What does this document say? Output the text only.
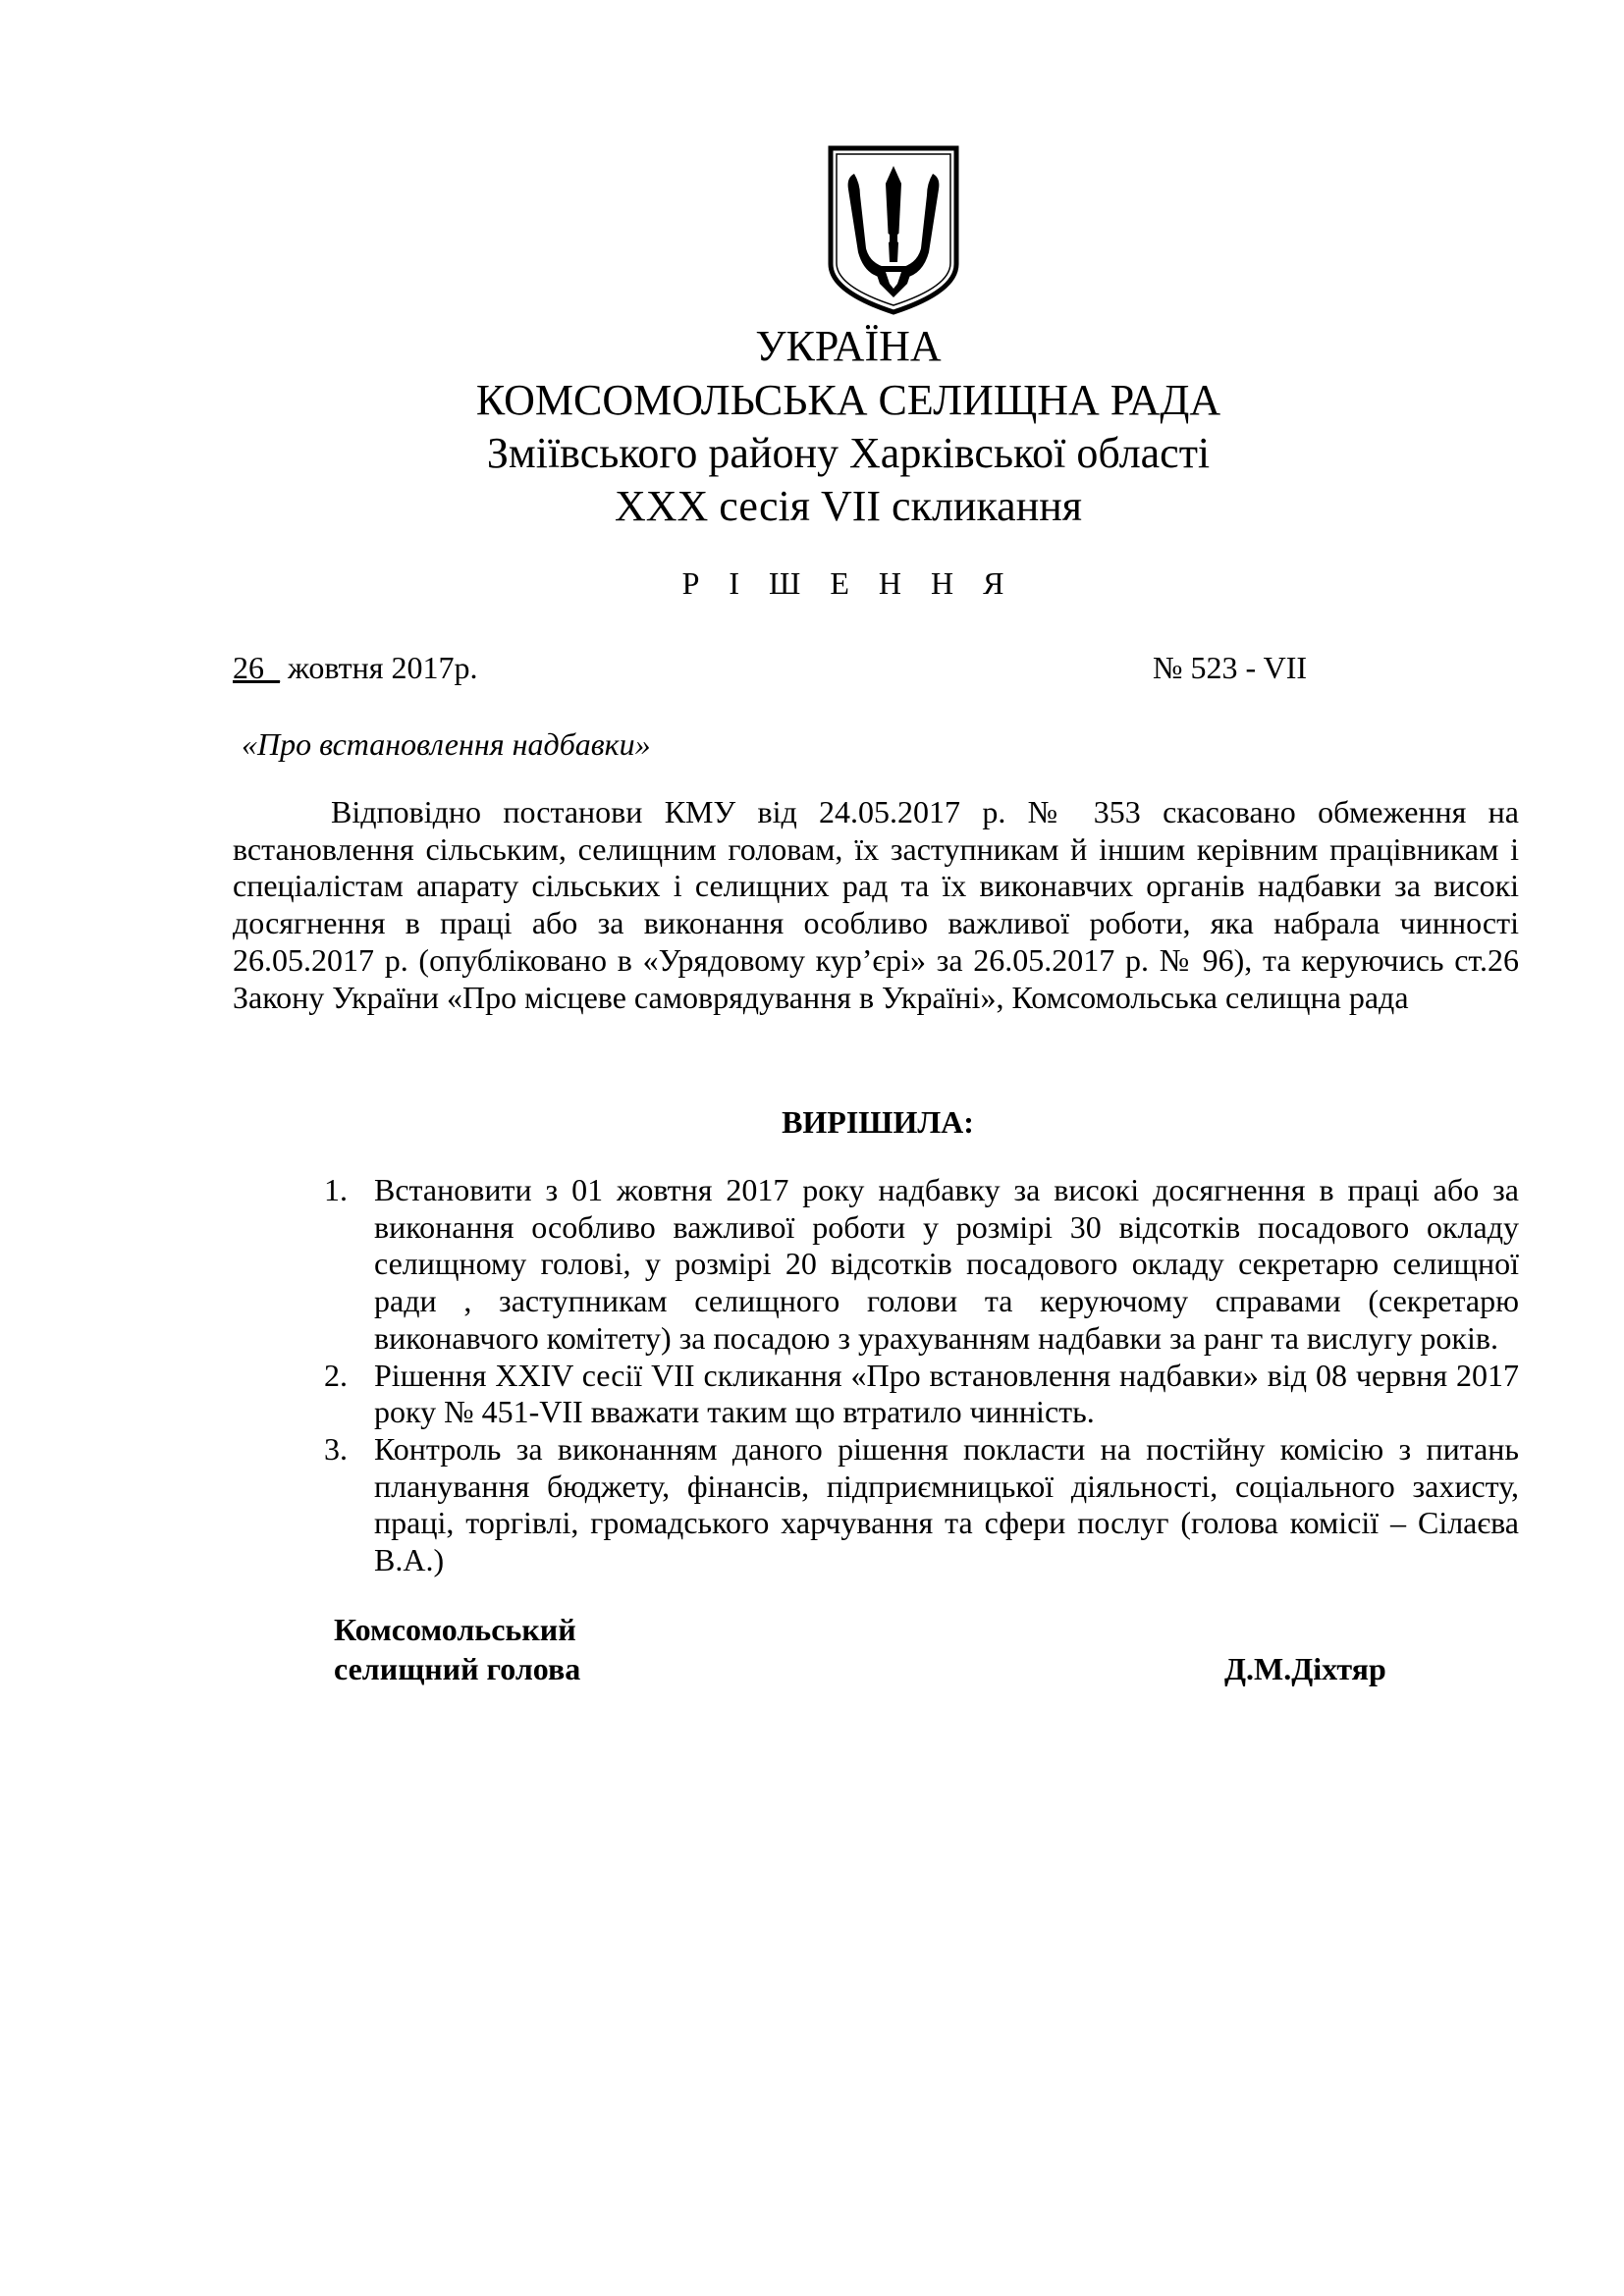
УКРАЇНА
КОМСОМОЛЬСЬКА СЕЛИЩНА РАДА
Зміївського району Харківської області
XXX сесія VII скликання
Р І Ш Е Н Н Я
26_ жовтня 2017р.	№ 523 - VII
«Про встановлення надбавки»

Відповідно постанови КМУ від 24.05.2017 р. № 353 скасовано обмеження на встановлення сільським, селищним головам, їх заступникам й іншим керівним працівникам і спеціалістам апарату сільських і селищних рад та їх виконавчих органів надбавки за високі досягнення в праці або за виконання особливо важливої роботи, яка набрала чинності 26.05.2017 р. (опубліковано в «Урядовому кур’єрі» за 26.05.2017 р. № 96), та керуючись ст.26 Закону України «Про місцеве самоврядування в Україні», Комсомольська селищна рада

ВИРІШИЛА:
1. Встановити з 01 жовтня 2017 року надбавку за високі досягнення в праці або за виконання особливо важливої роботи у розмірі 30 відсотків посадового окладу селищному голові, у розмірі 20 відсотків посадового окладу секретарю селищної ради , заступникам селищного голови та керуючому справами (секретарю виконавчого комітету) за посадою з урахуванням надбавки за ранг та вислугу років.
2. Рішення XXIV сесії VII скликання «Про встановлення надбавки» від 08 червня 2017 року № 451-VII вважати таким що втратило чинність.
3. Контроль за виконанням даного рішення покласти на постійну комісію з питань планування бюджету, фінансів, підприємницької діяльності, соціального захисту, праці, торгівлі, громадського харчування та сфери послуг (голова комісії – Сілаєва В.А.)
Комсомольський
селищний голова	Д.М.Діхтяр
